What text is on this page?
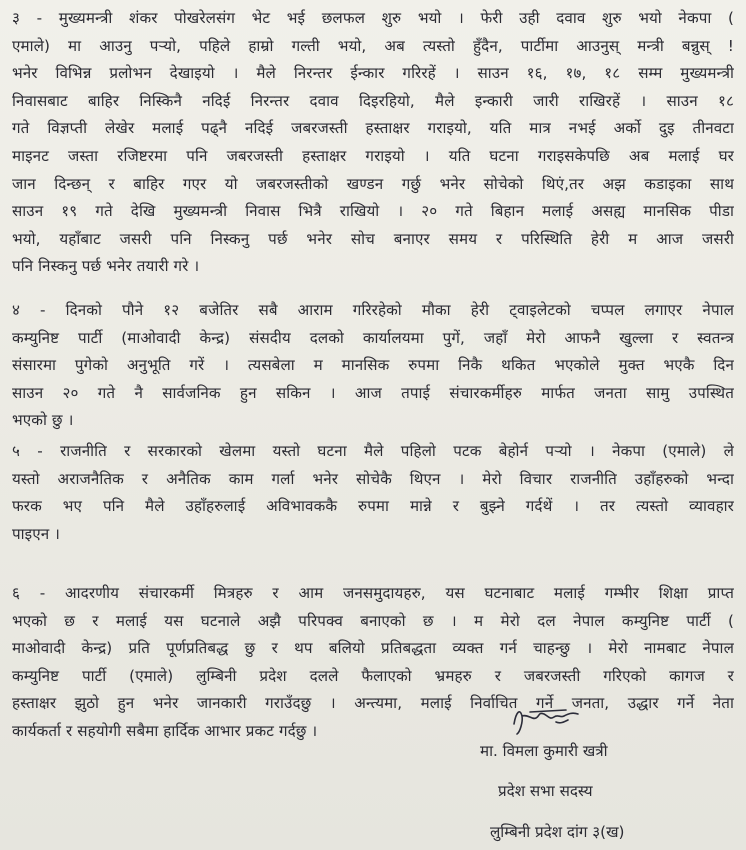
३ - मुख्यमन्त्री शंकर पोखरेलसंग भेट भई छलफल शुरु भयो । फेरी उही दवाव शुरु भयो नेकपा (
एमाले) मा आउनु पर्‍यो, पहिले हाम्रो गल्ती भयो, अब त्यस्तो हुँदैन, पार्टीमा आउनुस् मन्त्री बन्नुस् !
भनेर विभिन्न प्रलोभन देखाइयो । मैले निरन्तर ईन्कार गरिरहें । साउन १६, १७, १८ सम्म मुख्यमन्त्री
निवासबाट बाहिर निस्किनै नदिई निरन्तर दवाव दिइरहियो, मैले इन्कारी जारी राखिरहें । साउन १८
गते विज्ञप्ती लेखेर मलाई पढ्नै नदिई जबरजस्ती हस्ताक्षर गराइयो, यति मात्र नभई अर्को दुइ तीनवटा
माइनट जस्ता रजिष्टरमा पनि जबरजस्ती हस्ताक्षर गराइयो । यति घटना गराइसकेपछि अब मलाई घर
जान दिन्छन् र बाहिर गएर यो जबरजस्तीको खण्डन गर्छु भनेर सोचेको थिएं,तर अझ कडाइका साथ
साउन १९ गते देखि मुख्यमन्त्री निवास भित्रै राखियो । २० गते बिहान मलाई असह्य मानसिक पीडा
भयो, यहाँबाट जसरी पनि निस्कनु पर्छ भनेर सोच बनाएर समय र परिस्थिति हेरी म आज जसरी
पनि निस्कनु पर्छ भनेर तयारी गरे ।
४ - दिनको पौने १२ बजेतिर सबै आराम गरिरहेको मौका हेरी ट्वाइलेटको चप्पल लगाएर नेपाल
कम्युनिष्ट पार्टी (माओवादी केन्द्र) संसदीय दलको कार्यालयमा पुगें, जहाँ मेरो आफनै खुल्ला र स्वतन्त्र
संसारमा पुगेको अनुभूति गरें । त्यसबेला म मानसिक रुपमा निकै थकित भएकोले मुक्त भएकै दिन
साउन २० गते नै सार्वजनिक हुन सकिन । आज तपाई संचारकर्मीहरु मार्फत जनता सामु उपस्थित
भएको छु ।
५ - राजनीति र सरकारको खेलमा यस्तो घटना मैले पहिलो पटक बेहोर्न पर्‍यो । नेकपा (एमाले) ले
यस्तो अराजनैतिक र अनैतिक काम गर्ला भनेर सोचेकै थिएन । मेरो विचार राजनीति उहाँहरुको भन्दा
फरक भए पनि मैले उहाँहरुलाई अविभावककै रुपमा मान्ने र बुझ्ने गर्दथें । तर त्यस्तो व्यावहार
पाइएन ।
६ - आदरणीय संचारकर्मी मित्रहरु र आम जनसमुदायहरु, यस घटनाबाट मलाई गम्भीर शिक्षा प्राप्त
भएको छ र मलाई यस घटनाले अझै परिपक्व बनाएको छ । म मेरो दल नेपाल कम्युनिष्ट पार्टी (
माओवादी केन्द्र) प्रति पूर्णप्रतिबद्ध छु र थप बलियो प्रतिबद्धता व्यक्त गर्न चाहन्छु । मेरो नामबाट नेपाल
कम्युनिष्ट पार्टी (एमाले) लुम्बिनी प्रदेश दलले फैलाएको भ्रमहरु र जबरजस्ती गरिएको कागज र
हस्ताक्षर झुठो हुन भनेर जानकारी गराउँदछु । अन्त्यमा, मलाई निर्वाचित गर्ने जनता, उद्धार गर्ने नेता
कार्यकर्ता र सहयोगी सबैमा हार्दिक आभार प्रकट गर्दछु ।
मा. विमला कुमारी खत्री
प्रदेश सभा सदस्य
लुम्बिनी प्रदेश दांग ३(ख)
